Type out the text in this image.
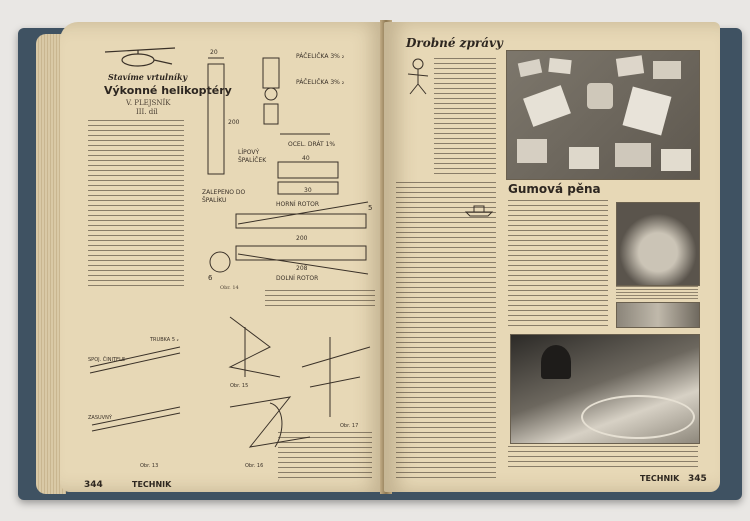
Stavíme vrtulníky
Výkonné helikoptéry
V. PLEJSNÍK
III. díl
PÁČELIČKA 3% ₂
PÁČELIČKA 3% ₂
20
200
OCEL. DRÁT 1%
LÍPOVÝ
ŠPALÍČEK	40
30
ZALEPENO DO
ŠPALÍKU
HORNÍ ROTOR	5
200
208
6	DOLNÍ ROTOR
Obr. 14
TRUBKA 5 ₂
SPOJ. ČINITELE
ZASUVNÝ
Obr. 15
Obr. 13	Obr. 16
Obr. 17
344	TECHNIK
Drobné zprávy
Gumová pěna
TECHNIK 345
